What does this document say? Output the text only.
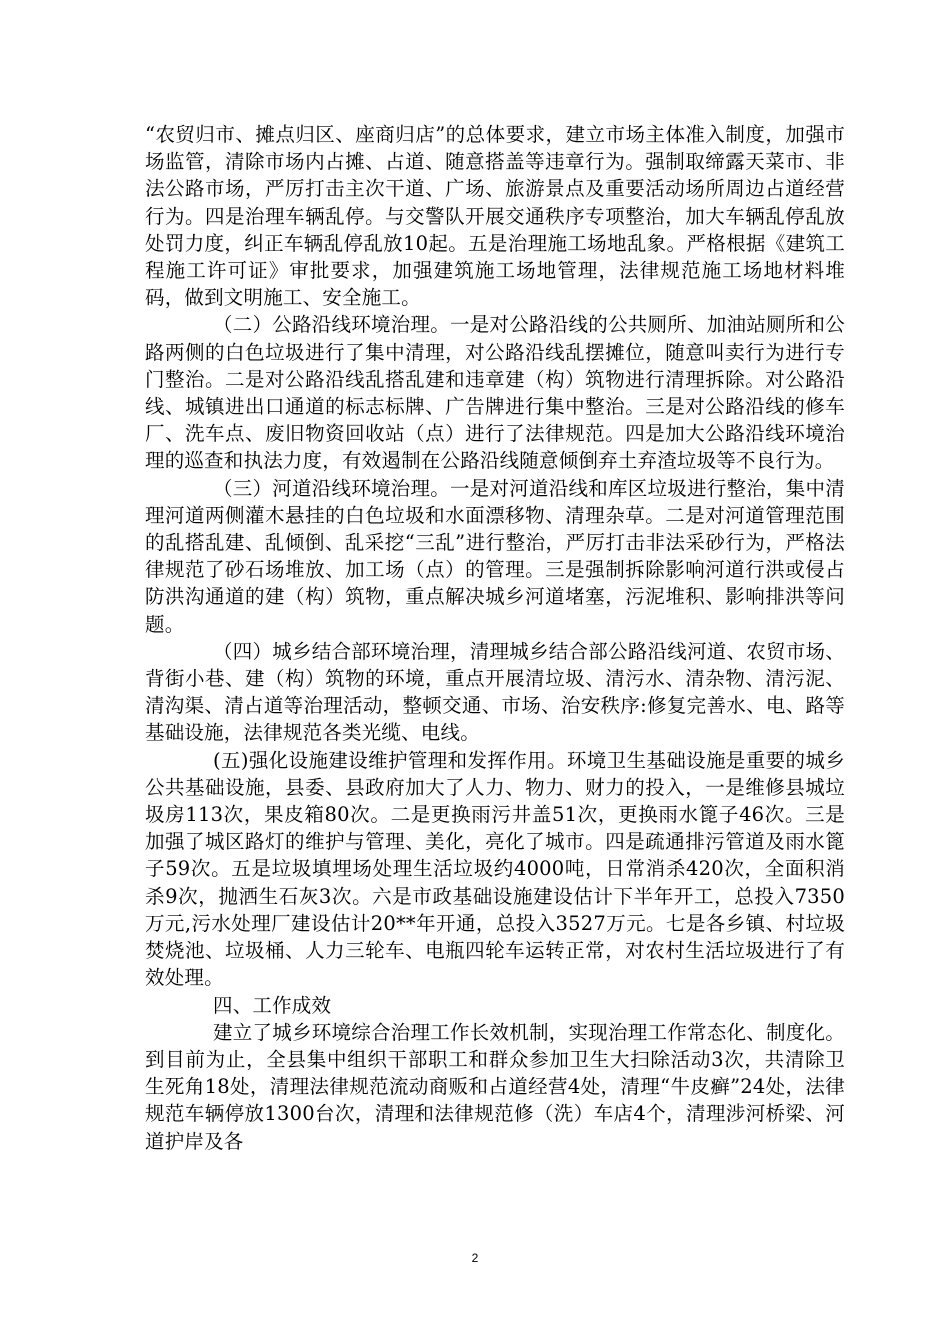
“农贸归市、摊点归区、座商归店”的总体要求，建立市场主体准入制度，加强市场监管，清除市场内占摊、占道、随意搭盖等违章行为。强制取缔露天菜市、非法公路市场，严厉打击主次干道、广场、旅游景点及重要活动场所周边占道经营行为。四是治理车辆乱停。与交警队开展交通秩序专项整治，加大车辆乱停乱放处罚力度，纠正车辆乱停乱放10起。五是治理施工场地乱象。严格根据《建筑工程施工许可证》审批要求，加强建筑施工场地管理，法律规范施工场地材料堆码，做到文明施工、安全施工。

（二）公路沿线环境治理。一是对公路沿线的公共厕所、加油站厕所和公路两侧的白色垃圾进行了集中清理，对公路沿线乱摆摊位，随意叫卖行为进行专门整治。二是对公路沿线乱搭乱建和违章建（构）筑物进行清理拆除。对公路沿线、城镇进出口通道的标志标牌、广告牌进行集中整治。三是对公路沿线的修车厂、洗车点、废旧物资回收站（点）进行了法律规范。四是加大公路沿线环境治理的巡查和执法力度，有效遏制在公路沿线随意倾倒弃土弃渣垃圾等不良行为。

（三）河道沿线环境治理。一是对河道沿线和库区垃圾进行整治，集中清理河道两侧灌木悬挂的白色垃圾和水面漂移物、清理杂草。二是对河道管理范围的乱搭乱建、乱倾倒、乱采挖“三乱”进行整治，严厉打击非法采砂行为，严格法律规范了砂石场堆放、加工场（点）的管理。三是强制拆除影响河道行洪或侵占防洪沟通道的建（构）筑物，重点解决城乡河道堵塞，污泥堆积、影响排洪等问题。

（四）城乡结合部环境治理，清理城乡结合部公路沿线河道、农贸市场、背街小巷、建（构）筑物的环境，重点开展清垃圾、清污水、清杂物、清污泥、清沟渠、清占道等治理活动，整顿交通、市场、治安秩序:修复完善水、电、路等基础设施，法律规范各类光缆、电线。

(五)强化设施建设维护管理和发挥作用。环境卫生基础设施是重要的城乡公共基础设施，县委、县政府加大了人力、物力、财力的投入，一是维修县城垃圾房113次，果皮箱80次。二是更换雨污井盖51次，更换雨水篦子46次。三是加强了城区路灯的维护与管理、美化，亮化了城市。四是疏通排污管道及雨水篦子59次。五是垃圾填埋场处理生活垃圾约4000吨，日常消杀420次，全面积消杀9次，抛洒生石灰3次。六是市政基础设施建设估计下半年开工，总投入7350万元,污水处理厂建设估计20**年开通，总投入3527万元。七是各乡镇、村垃圾焚烧池、垃圾桶、人力三轮车、电瓶四轮车运转正常，对农村生活垃圾进行了有效处理。

四、工作成效

建立了城乡环境综合治理工作长效机制，实现治理工作常态化、制度化。到目前为止，全县集中组织干部职工和群众参加卫生大扫除活动3次，共清除卫生死角18处，清理法律规范流动商贩和占道经营4处，清理“牛皮癣”24处，法律规范车辆停放1300台次，清理和法律规范修（洗）车店4个，清理涉河桥梁、河道护岸及各

2
